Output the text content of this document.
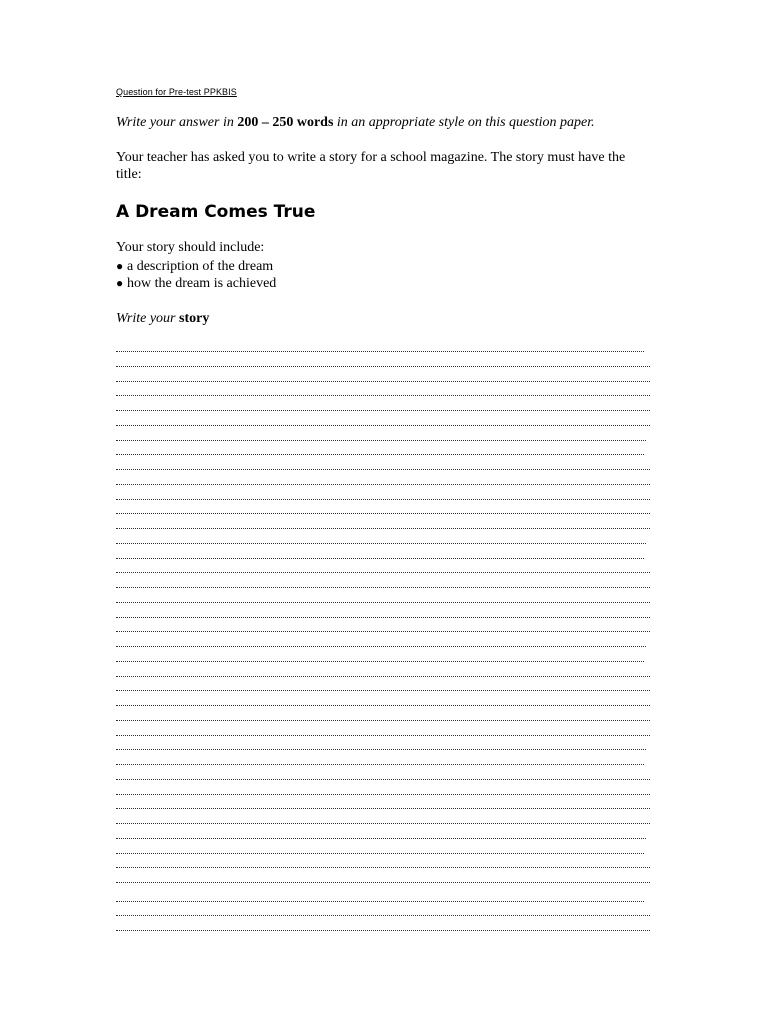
Question for Pre-test PPKBIS
Write your answer in 200 – 250 words in an appropriate style on this question paper.
Your teacher has asked you to write a story for a school magazine. The story must have the title:
A Dream Comes True
Your story should include:
● a description of the dream
● how the dream is achieved
Write your story
